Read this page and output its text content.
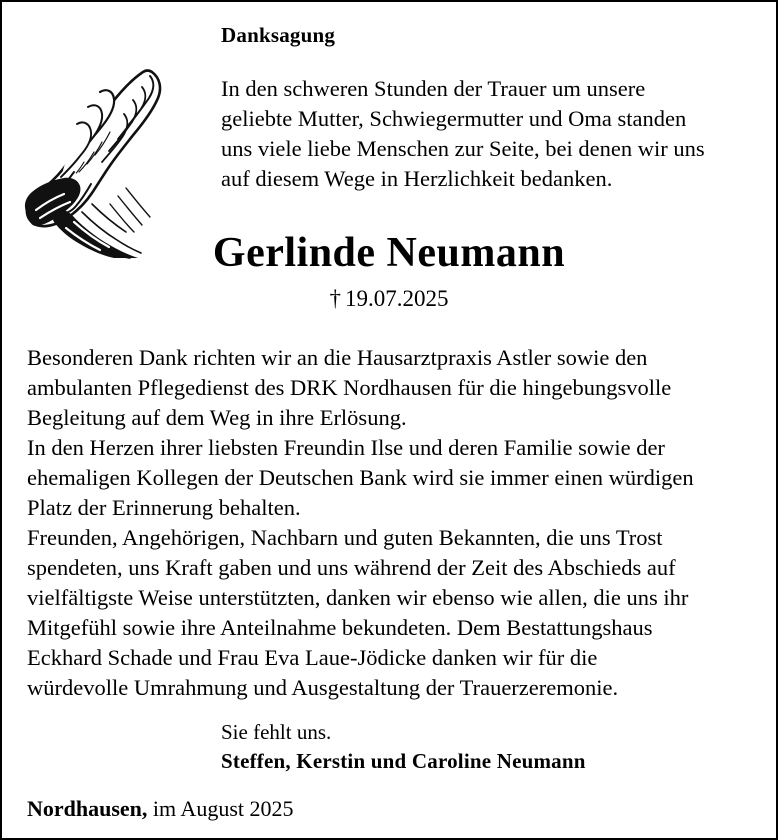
Danksagung
In den schweren Stunden der Trauer um unsere
geliebte Mutter, Schwiegermutter und Oma standen
uns viele liebe Menschen zur Seite, bei denen wir uns
auf diesem Wege in Herzlichkeit bedanken.
Gerlinde Neumann
† 19.07.2025
Besonderen Dank richten wir an die Hausarztpraxis Astler sowie den
ambulanten Pflegedienst des DRK Nordhausen für die hingebungsvolle
Begleitung auf dem Weg in ihre Erlösung.
In den Herzen ihrer liebsten Freundin Ilse und deren Familie sowie der
ehemaligen Kollegen der Deutschen Bank wird sie immer einen würdigen
Platz der Erinnerung behalten.
Freunden, Angehörigen, Nachbarn und guten Bekannten, die uns Trost
spendeten, uns Kraft gaben und uns während der Zeit des Abschieds auf
vielfältigste Weise unterstützten, danken wir ebenso wie allen, die uns ihr
Mitgefühl sowie ihre Anteilnahme bekundeten. Dem Bestattungshaus
Eckhard Schade und Frau Eva Laue-Jödicke danken wir für die
würdevolle Umrahmung und Ausgestaltung der Trauerzeremonie.
Sie fehlt uns.
Steffen, Kerstin und Caroline Neumann
Nordhausen, im August 2025
